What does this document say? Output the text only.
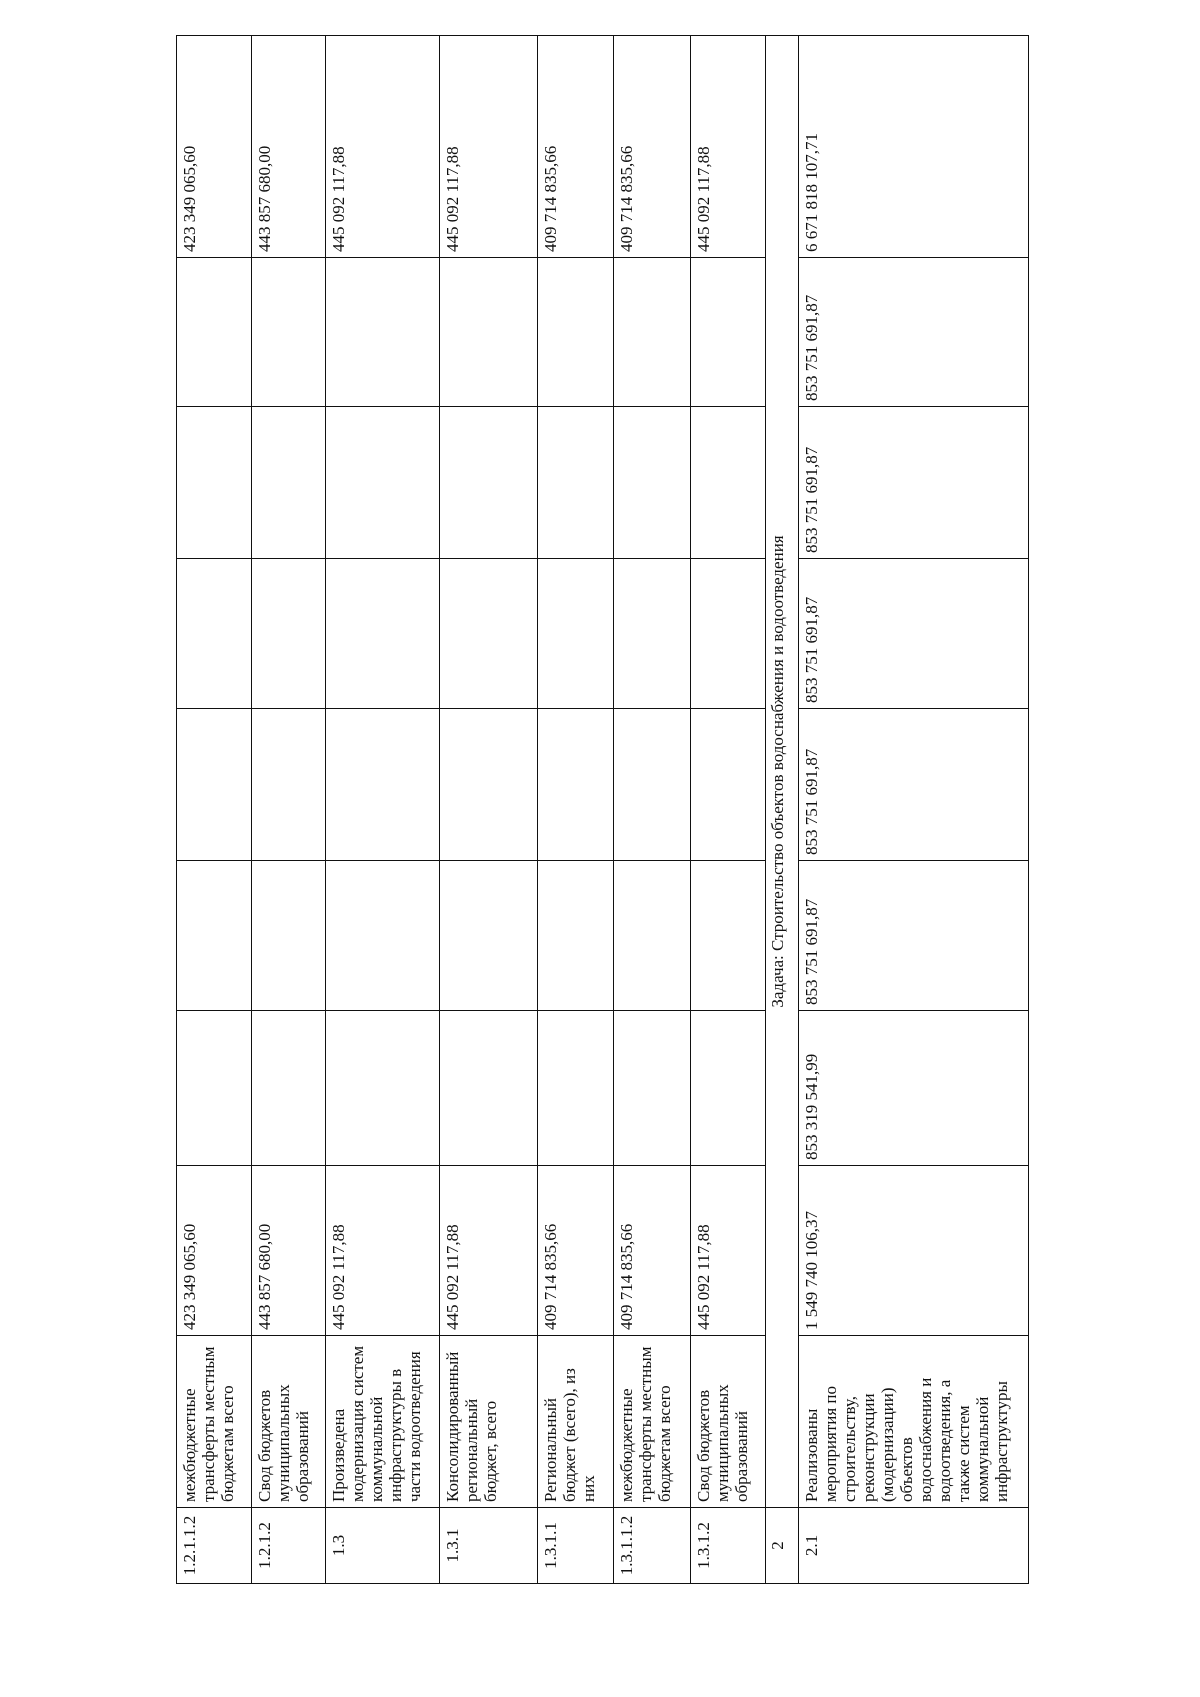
1.2.1.1.2	межбюджетные трансферты местным бюджетам всего	423 349 065,60							423 349 065,60
1.2.1.2	Свод бюджетов муниципальных образований	443 857 680,00							443 857 680,00
1.3	Произведена модернизация систем коммунальной инфраструктуры в части водоотведения	445 092 117,88							445 092 117,88
1.3.1	Консолидированный региональный бюджет, всего	445 092 117,88							445 092 117,88
1.3.1.1	Региональный бюджет (всего), из них	409 714 835,66							409 714 835,66
1.3.1.1.2	межбюджетные трансферты местным бюджетам всего	409 714 835,66							409 714 835,66
1.3.1.2	Свод бюджетов муниципальных образований	445 092 117,88							445 092 117,88
2	Задача: Строительство объектов водоснабжения и водоотведения								
2.1	Реализованы мероприятия по строительству, реконструкции (модернизации) объектов водоснабжения и водоотведения, а также систем коммунальной инфраструктуры	1 549 740 106,37	853 319 541,99	853 751 691,87	853 751 691,87	853 751 691,87	853 751 691,87	853 751 691,87	6 671 818 107,71
